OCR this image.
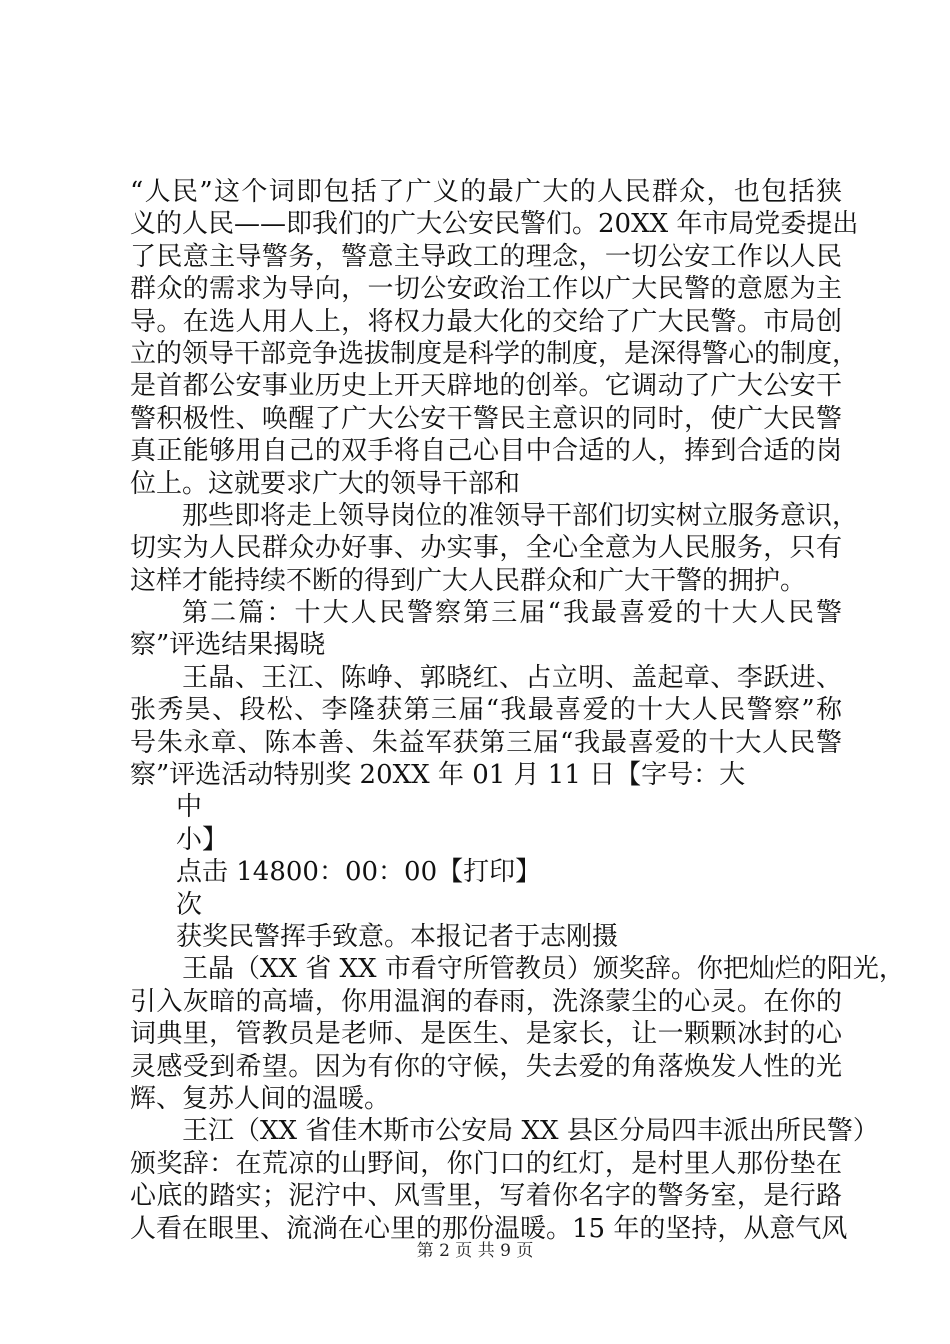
“人民”这个词即包括了广义的最广大的人民群众，也包括狭
义的人民——即我们的广大公安民警们。20XX 年市局党委提出
了民意主导警务，警意主导政工的理念，一切公安工作以人民
群众的需求为导向，一切公安政治工作以广大民警的意愿为主
导。在选人用人上，将权力最大化的交给了广大民警。市局创
立的领导干部竞争选拔制度是科学的制度，是深得警心的制度，
是首都公安事业历史上开天辟地的创举。它调动了广大公安干
警积极性、唤醒了广大公安干警民主意识的同时，使广大民警
真正能够用自己的双手将自己心目中合适的人，捧到合适的岗
位上。这就要求广大的领导干部和
那些即将走上领导岗位的准领导干部们切实树立服务意识，
切实为人民群众办好事、办实事，全心全意为人民服务，只有
这样才能持续不断的得到广大人民群众和广大干警的拥护。
第二篇：十大人民警察第三届“我最喜爱的十大人民警
察”评选结果揭晓
王晶、王江、陈峥、郭晓红、占立明、盖起章、李跃进、
张秀昊、段松、李隆获第三届“我最喜爱的十大人民警察”称
号朱永章、陈本善、朱益军获第三届“我最喜爱的十大人民警
察”评选活动特别奖 20XX 年 01 月 11 日【字号：大
中
小】
点击 14800：00：00【打印】
次
获奖民警挥手致意。本报记者于志刚摄
王晶（XX 省 XX 市看守所管教员）颁奖辞。你把灿烂的阳光，
引入灰暗的高墙，你用温润的春雨，洗涤蒙尘的心灵。在你的
词典里，管教员是老师、是医生、是家长，让一颗颗冰封的心
灵感受到希望。因为有你的守候，失去爱的角落焕发人性的光
辉、复苏人间的温暖。
王江（XX 省佳木斯市公安局 XX 县区分局四丰派出所民警）
颁奖辞：在荒凉的山野间，你门口的红灯，是村里人那份垫在
心底的踏实；泥泞中、风雪里，写着你名字的警务室，是行路
人看在眼里、流淌在心里的那份温暖。15 年的坚持，从意气风
第 2 页 共 9 页
